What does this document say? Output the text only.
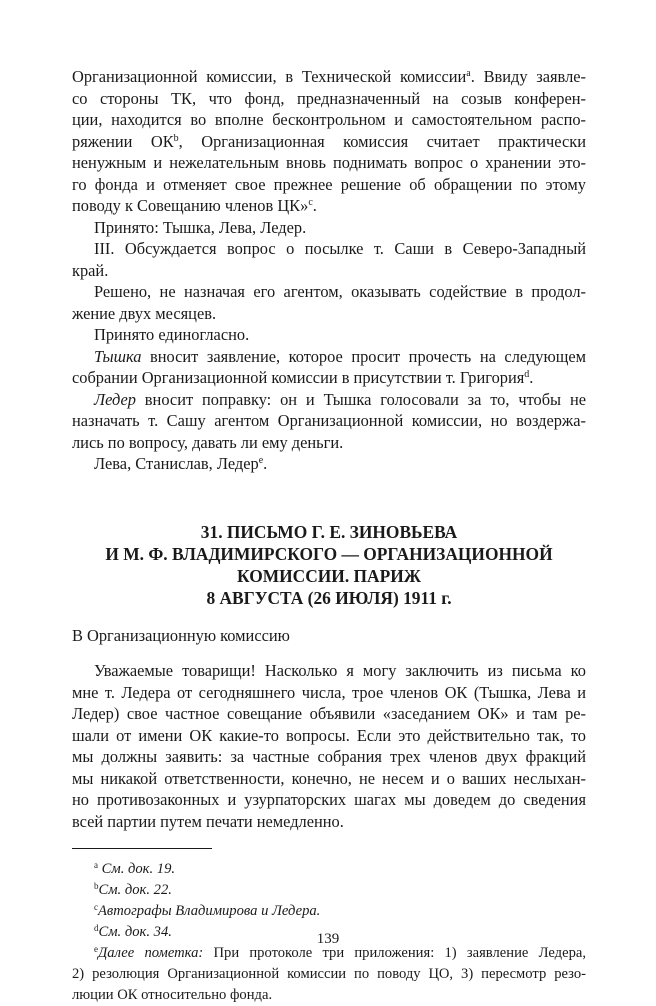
Организационной комиссии, в Технической комиссии$^a$. Ввиду заявле-
со стороны ТК, что фонд, предназначенный на созыв конферен-
ции, находится во вполне бесконтрольном и самостоятельном распо-
ряжении $ОК^b$, Организационная комиссия считает практически
ненужным и нежелательным вновь поднимать вопрос о хранении это-
го фонда и отменяет свое прежнее решение об обращении по этому
поводу к Совещанию членов ЦК»$^c$.
Принято: Тышка, Лева, Ледер.
III. Обсуждается вопрос о посылке т. Саши в Северо-Западный
край.
Решено, не назначая его агентом, оказывать содействие в продол-
жение двух месяцев.
Принято единогласно.
Тышка вносит заявление, которое просит прочесть на следующем
собрании Организационной комиссии в присутствии т. Григория$^d$.
Ледер вносит поправку: он и Тышка голосовали за то, чтобы не
назначать т. Сашу агентом Организационной комиссии, но воздержа-
лись по вопросу, давать ли ему деньги.
Лева, Станислав, Ледер$^e$.
31. ПИСЬМО Г. Е. ЗИНОВЬЕВА
И М. Ф. ВЛАДИМИРСКОГО — ОРГАНИЗАЦИОННОЙ
КОМИССИИ. ПАРИЖ
8 АВГУСТА (26 ИЮЛЯ) 1911 г.
В Организационную комиссию
Уважаемые товарищи! Насколько я могу заключить из письма ко
мне т. Ледера от сегодняшнего числа, трое членов ОК (Тышка, Лева и
Ледер) свое частное совещание объявили «заседанием ОК» и там ре-
шали от имени ОК какие-то вопросы. Если это действительно так, то
мы должны заявить: за частные собрания трех членов двух фракций
мы никакой ответственности, конечно, не несем и о ваших неслыхан-
но противозаконных и узурпаторских шагах мы доведем до сведения
всей партии путем печати немедленно.
$^a$ См. док. 19.
$^b$См. док. 22.
$^c$Автографы Владимирова и Ледера.
$^d$См. док. 34.
$^e$Далее пометка: При протоколе три приложения: 1) заявление Ледера,
2) резолюция Организационной комиссии по поводу ЦО, 3) пересмотр резо-
люции ОК относительно фонда.
139
